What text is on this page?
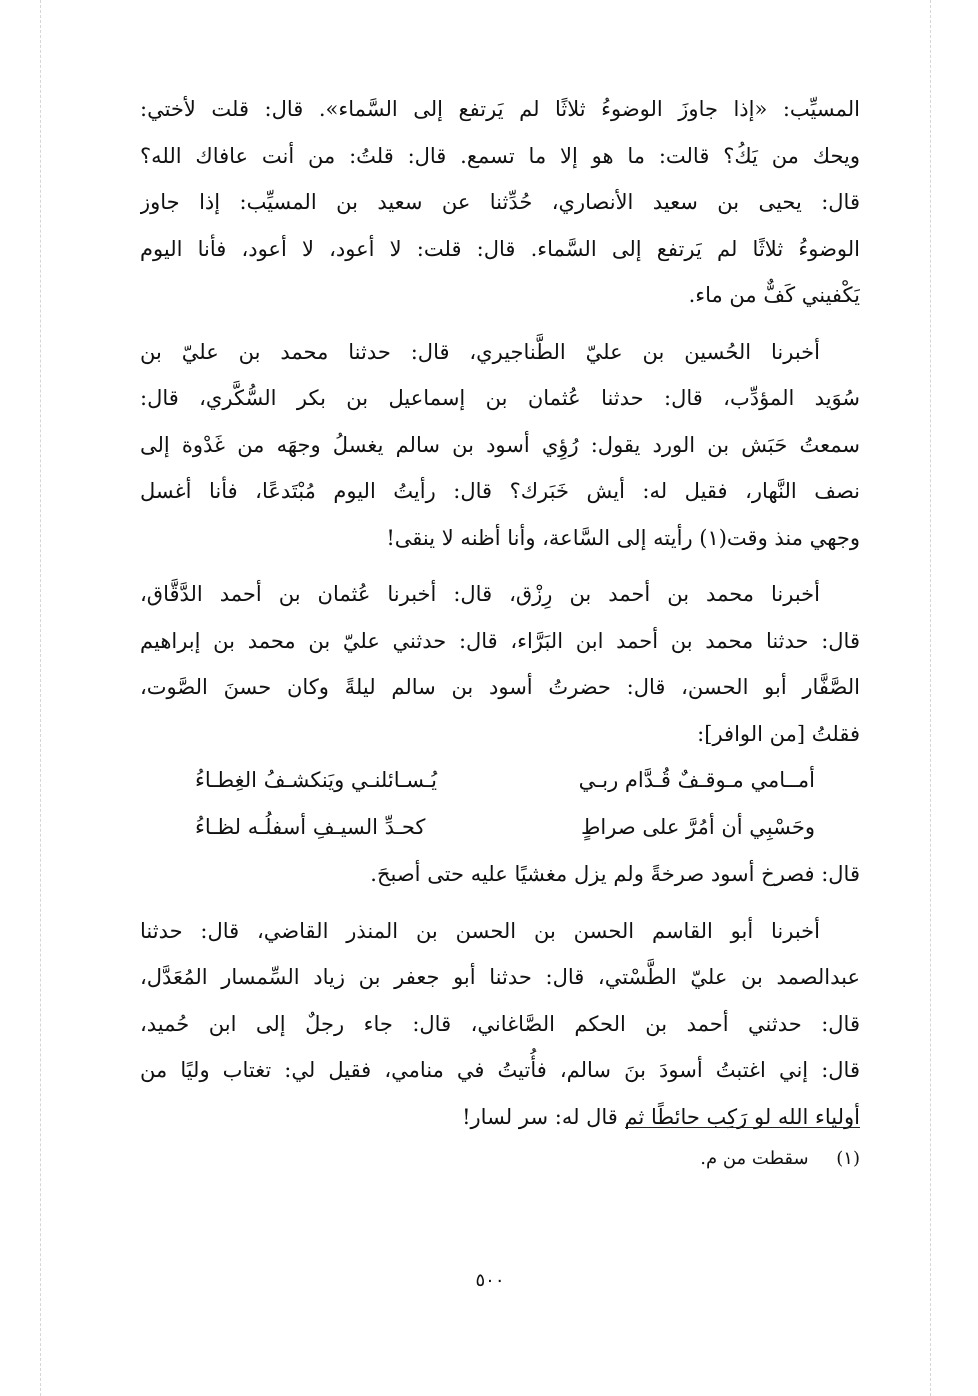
المسيِّب: «إذا جاوزَ الوضوءُ ثلاثًا لم يَرتفع إلى السَّماء». قال: قلت لأختي:
ويحك من يَكُ؟ قالت: ما هو إلا ما تسمع. قال: قلتُ: من أنت عافاك الله؟
قال: يحيى بن سعيد الأنصاري، حُدِّثنا عن سعيد بن المسيِّب: إذا جاوز
الوضوءُ ثلاثًا لم يَرتفع إلى السَّماء. قال: قلت: لا أعود، لا أعود، فأنا اليوم
يَكْفيني كَفٌّ من ماء.
أخبرنا الحُسين بن عليّ الطَّناجيري، قال: حدثنا محمد بن عليّ بن
سُوَيد المؤدِّب، قال: حدثنا عُثمان بن إسماعيل بن بكر السُّكَّري، قال:
سمعتُ حَبَش بن الورد يقول: رُؤِي أسود بن سالم يغسلُ وجهَه من غَدْوة إلى
نصف النَّهار، فقيل له: أيش خَبَرك؟ قال: رأيتُ اليوم مُبْتَدعًا، فأنا أغسل
وجهي منذ وقت(١) رأيته إلى السَّاعة، وأنا أظنه لا ينقى!
أخبرنا محمد بن أحمد بن رِزْق، قال: أخبرنا عُثمان بن أحمد الدَّقَّاق،
قال: حدثنا محمد بن أحمد ابن البَرَّاء، قال: حدثني عليّ بن محمد بن إبراهيم
الصَّفَّار أبو الحسن، قال: حضرتُ أسود بن سالم ليلةً وكان حسنَ الصَّوت،
فقلتُ [من الوافر]:
أمــامي مـوقـفٌ قُـدَّام ربـي
يُـسـائلنـي ويَنكشـفُ الغِطـاءُ
وحَسْبِي أن أمُرَّ على صراطٍ
كحـدِّ السيـفِ أسفلُـه لظـاءُ
قال: فصرخ أسود صرخةً ولم يزل مغشيًا عليه حتى أصبحَ.
أخبرنا أبو القاسم الحسن بن الحسن بن المنذر القاضي، قال: حدثنا
عبدالصمد بن عليّ الطَّسْتي، قال: حدثنا أبو جعفر بن زياد السِّمسار المُعَدَّل،
قال: حدثني أحمد بن الحكم الصَّاغاني، قال: جاء رجلٌ إلى ابن حُميد،
قال: إني اغتبتُ أسودَ بنَ سالم، فأُتيتُ في منامي، فقيل لي: تغتاب وليًا من
أولياء الله لو رَكِب حائطًا ثم قال له: سر لسار!
(١) سقطت من م.
٥٠٠
